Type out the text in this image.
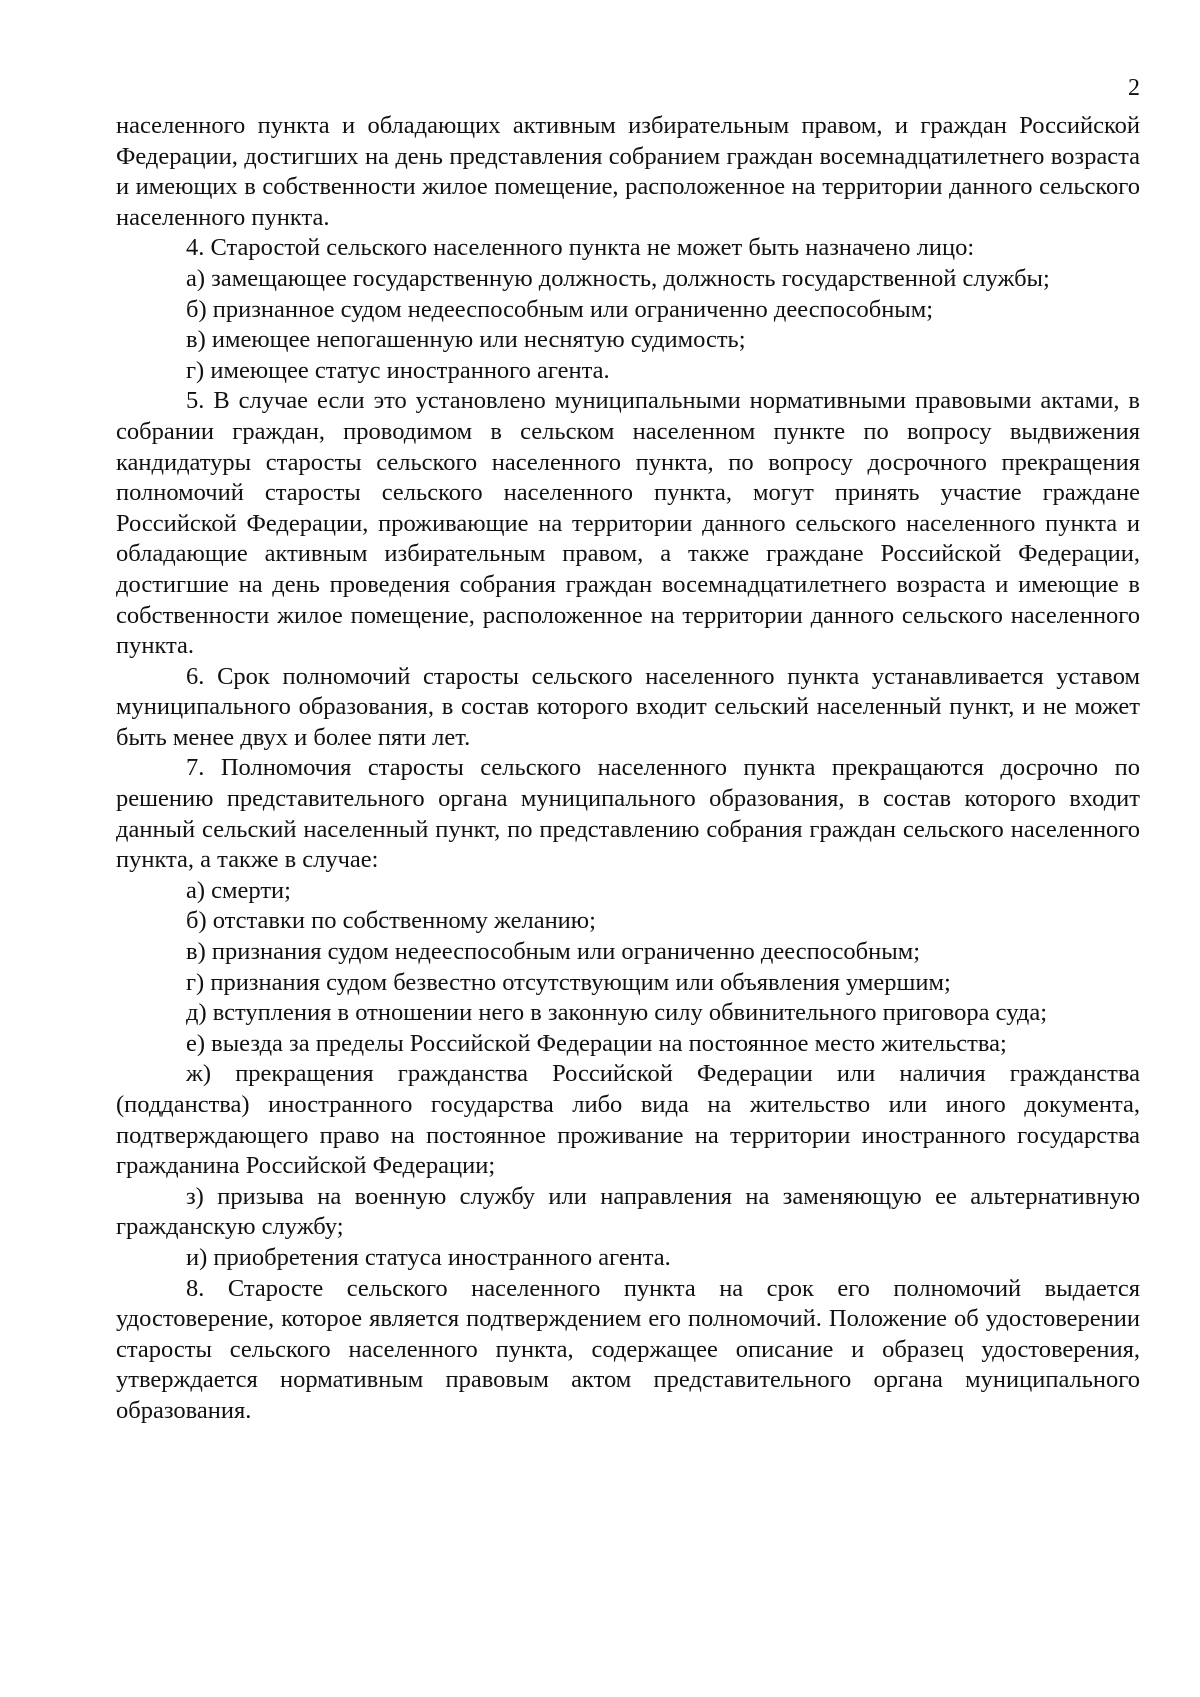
2

населенного пункта и обладающих активным избирательным правом, и граждан Российской Федерации, достигших на день представления собранием граждан восемнадцатилетнего возраста и имеющих в собственности жилое помещение, расположенное на территории данного сельского населенного пункта.

4. Старостой сельского населенного пункта не может быть назначено лицо:

а) замещающее государственную должность, должность государственной службы;

б) признанное судом недееспособным или ограниченно дееспособным;

в) имеющее непогашенную или неснятую судимость;

г) имеющее статус иностранного агента.

5. В случае если это установлено муниципальными нормативными правовыми актами, в собрании граждан, проводимом в сельском населенном пункте по вопросу выдвижения кандидатуры старосты сельского населенного пункта, по вопросу досрочного прекращения полномочий старосты сельского населенного пункта, могут принять участие граждане Российской Федерации, проживающие на территории данного сельского населенного пункта и обладающие активным избирательным правом, а также граждане Российской Федерации, достигшие на день проведения собрания граждан восемнадцатилетнего возраста и имеющие в собственности жилое помещение, расположенное на территории данного сельского населенного пункта.

6. Срок полномочий старосты сельского населенного пункта устанавливается уставом муниципального образования, в состав которого входит сельский населенный пункт, и не может быть менее двух и более пяти лет.

7. Полномочия старосты сельского населенного пункта прекращаются досрочно по решению представительного органа муниципального образования, в состав которого входит данный сельский населенный пункт, по представлению собрания граждан сельского населенного пункта, а также в случае:

а) смерти;

б) отставки по собственному желанию;

в) признания судом недееспособным или ограниченно дееспособным;

г) признания судом безвестно отсутствующим или объявления умершим;

д) вступления в отношении него в законную силу обвинительного приговора суда;

е) выезда за пределы Российской Федерации на постоянное место жительства;

ж) прекращения гражданства Российской Федерации или наличия гражданства (подданства) иностранного государства либо вида на жительство или иного документа, подтверждающего право на постоянное проживание на территории иностранного государства гражданина Российской Федерации;

з) призыва на военную службу или направления на заменяющую ее альтернативную гражданскую службу;

и) приобретения статуса иностранного агента.

8. Старосте сельского населенного пункта на срок его полномочий выдается удостоверение, которое является подтверждением его полномочий. Положение об удостоверении старосты сельского населенного пункта, содержащее описание и образец удостоверения, утверждается нормативным правовым актом представительного органа муниципального образования.
